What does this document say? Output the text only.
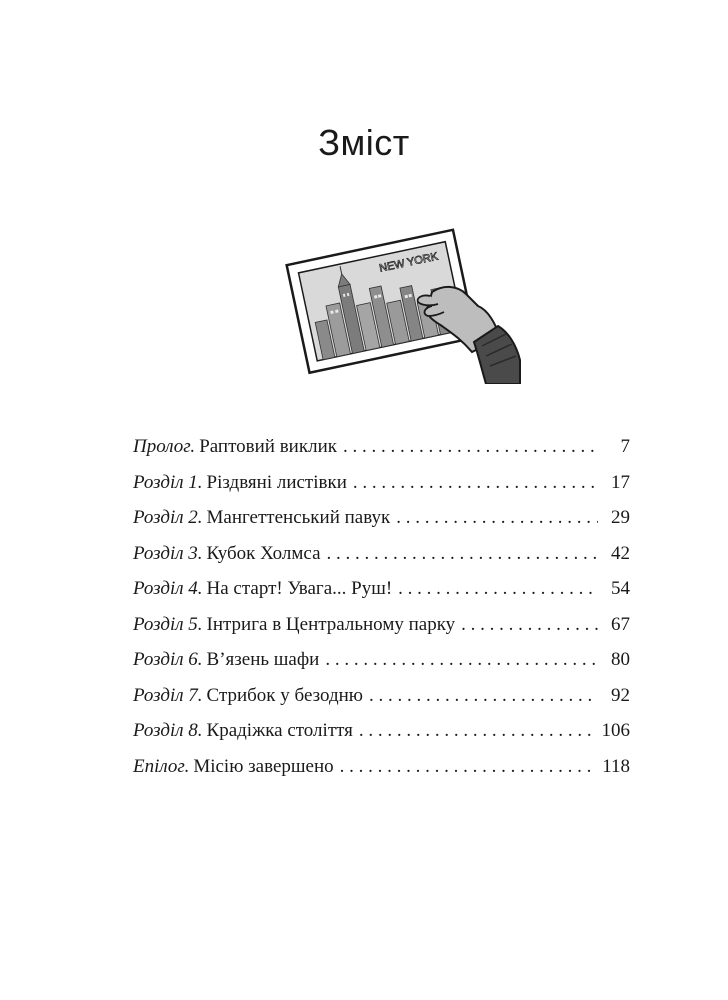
Зміст
NEW YORK
Пролог. Раптовий виклик . . .	7
Розділ 1. Різдвяні листівки . . .	17
Розділ 2. Мангеттенський павук . . .	29
Розділ 3. Кубок Холмса . . .	42
Розділ 4. На старт! Увага... Руш! . . .	54
Розділ 5. Інтрига в Центральному парку . . .	67
Розділ 6. В’язень шафи . . .	80
Розділ 7. Стрибок у безодню . . .	92
Розділ 8. Крадіжка століття . . .	106
Епілог. Місію завершено . . .	118
